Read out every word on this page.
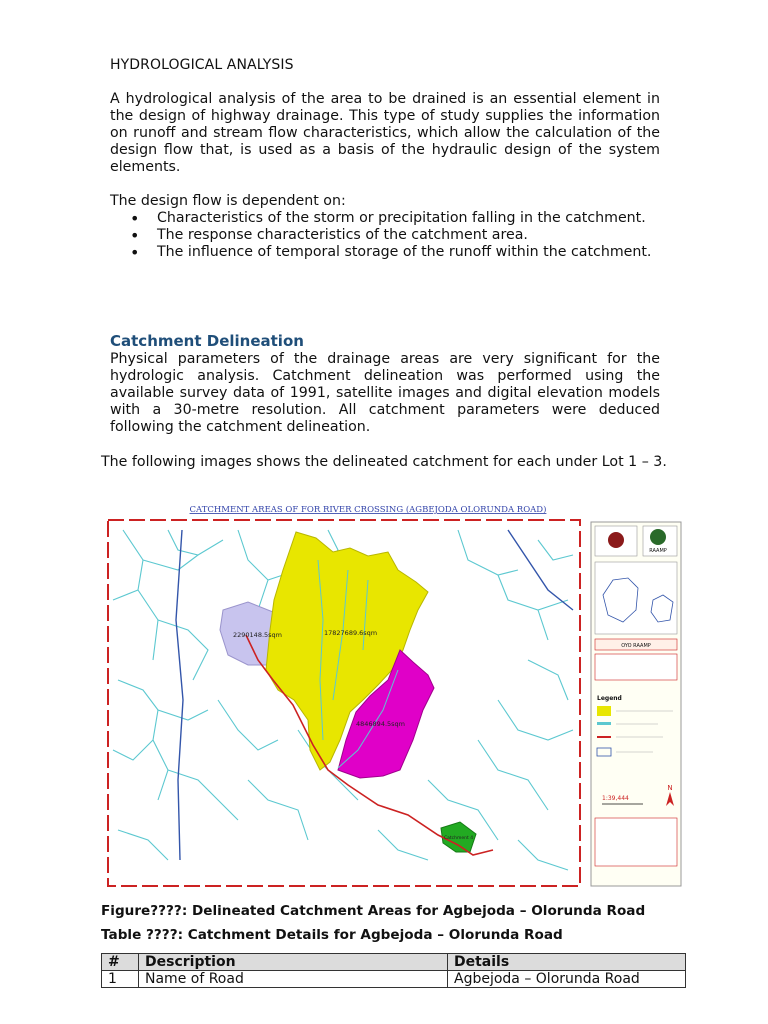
HYDROLOGICAL ANALYSIS

A hydrological analysis of the area to be drained is an essential element in the design of highway drainage. This type of study supplies the information on runoff and stream flow characteristics, which allow the calculation of the design flow that, is used as a basis of the hydraulic design of the system elements.

The design flow is dependent on:

• Characteristics of the storm or precipitation falling in the catchment.
• The response characteristics of the catchment area.
• The influence of temporal storage of the runoff within the catchment.
Catchment Delineation

Physical parameters of the drainage areas are very significant for the hydrologic analysis. Catchment delineation was performed using the available survey data of 1991, satellite images and digital elevation models with a 30-metre resolution. All catchment parameters were deduced following the catchment delineation.

The following images shows the delineated catchment for each under Lot 1 – 3.

CATCHMENT AREAS OF FOR RIVER CROSSING (AGBEJODA OLORUNDA ROAD)
2290148.5sqm	17827689.6sqm
4846894.5sqm
Catchment 4
RAAMP
OYO RAAMP
Legend
1:39,444
N
Figure????: Delineated Catchment Areas for Agbejoda – Olorunda Road
Table ????: Catchment Details for Agbejoda – Olorunda Road
#	Description	Details
1	Name of Road	Agbejoda – Olorunda Road
